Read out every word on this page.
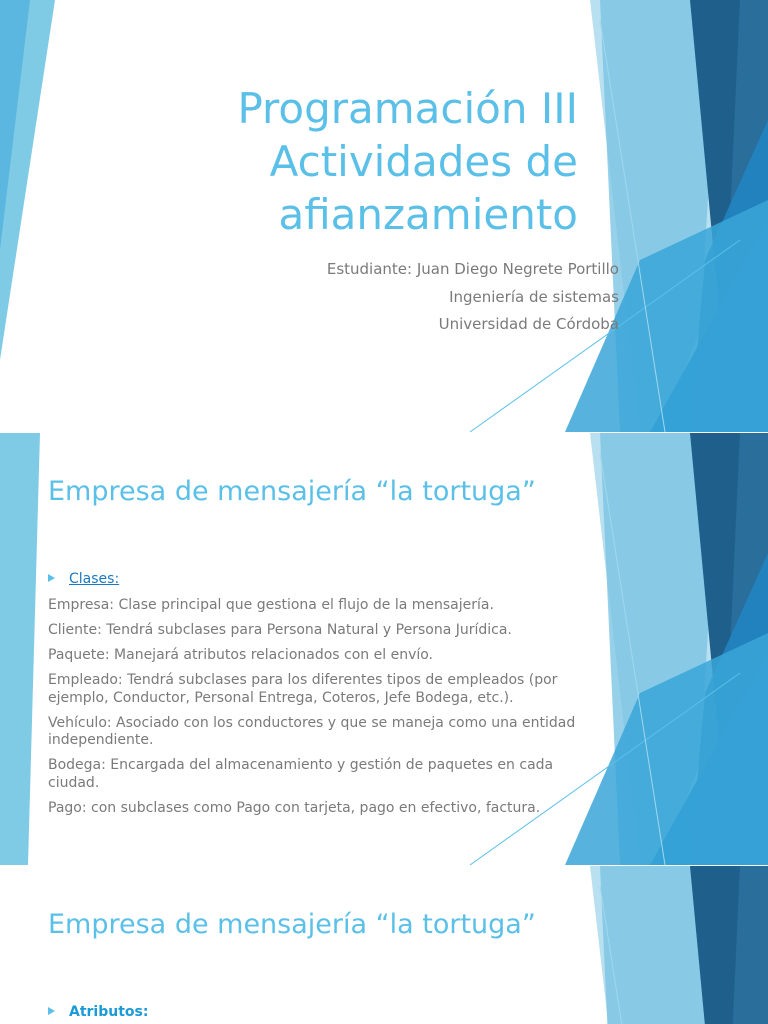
Programación III
Actividades de
afianzamiento
Estudiante: Juan Diego Negrete Portillo
Ingeniería de sistemas
Universidad de Córdoba
Empresa de mensajería “la tortuga”
Clases:

Empresa: Clase principal que gestiona el flujo de la mensajería.

Cliente: Tendrá subclases para Persona Natural y Persona Jurídica.

Paquete: Manejará atributos relacionados con el envío.

Empleado: Tendrá subclases para los diferentes tipos de empleados (por ejemplo, Conductor, Personal Entrega, Coteros, Jefe Bodega, etc.).

Vehículo: Asociado con los conductores y que se maneja como una entidad independiente.

Bodega: Encargada del almacenamiento y gestión de paquetes en cada ciudad.

Pago: con subclases como Pago con tarjeta, pago en efectivo, factura.

Empresa de mensajería “la tortuga”
Atributos:
